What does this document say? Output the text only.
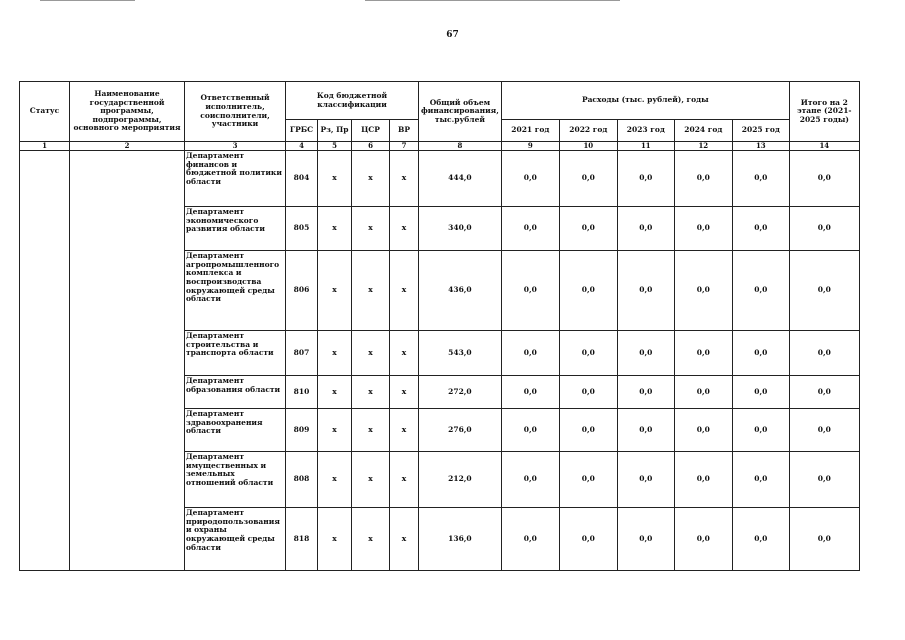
67
Статус	Наименование государственной программы, подпрограммы, основного мероприятия	Ответственный исполнитель, соисполнители, участники	Код бюджетной классификации				Общий объем финансирования, тыс.рублей	Расходы (тыс. рублей), годы					Итого на 2 этапе (2021-2025 годы)
			ГРБС	Рз, Пр	ЦСР	ВР		2021 год	2022 год	2023 год	2024 год	2025 год	
1	2	3	4	5	6	7	8	9	10	11	12	13	14
		Департамент финансов и бюджетной политики области	804	х	х	х	444,0	0,0	0,0	0,0	0,0	0,0	0,0
		Департамент экономического развития области	805	х	х	х	340,0	0,0	0,0	0,0	0,0	0,0	0,0
		Департамент агропромышленного комплекса и воспроизводства окружающей среды области	806	х	х	х	436,0	0,0	0,0	0,0	0,0	0,0	0,0
		Департамент строительства и транспорта области	807	х	х	х	543,0	0,0	0,0	0,0	0,0	0,0	0,0
		Департамент образования области	810	х	х	х	272,0	0,0	0,0	0,0	0,0	0,0	0,0
		Департамент здравоохранения области	809	х	х	х	276,0	0,0	0,0	0,0	0,0	0,0	0,0
		Департамент имущественных и земельных отношений области	808	х	х	х	212,0	0,0	0,0	0,0	0,0	0,0	0,0
		Департамент природопользования и охраны окружающей среды области	818	х	х	х	136,0	0,0	0,0	0,0	0,0	0,0	0,0
